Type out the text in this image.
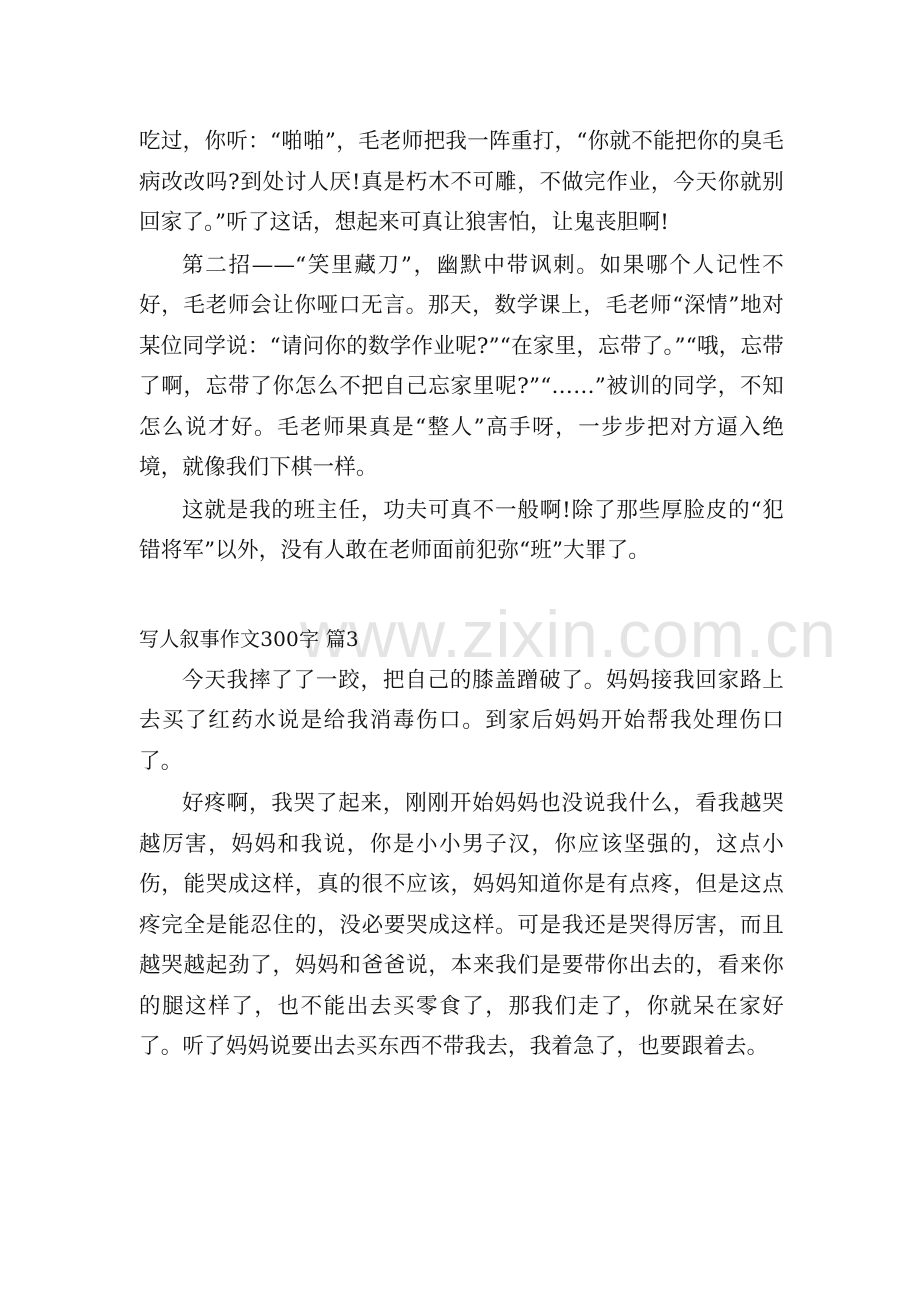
www.zixin.com.cn

吃过，你听：“啪啪”，毛老师把我一阵重打，“你就不能把你的臭毛病改改吗?到处讨人厌!真是朽木不可雕，不做完作业，今天你就别回家了。”听了这话，想起来可真让狼害怕，让鬼丧胆啊!

第二招——“笑里藏刀”，幽默中带讽刺。如果哪个人记性不好，毛老师会让你哑口无言。那天，数学课上，毛老师“深情”地对某位同学说：“请问你的数学作业呢?”“在家里，忘带了。”“哦，忘带了啊，忘带了你怎么不把自己忘家里呢?”“……”被训的同学，不知怎么说才好。毛老师果真是“整人”高手呀，一步步把对方逼入绝境，就像我们下棋一样。

这就是我的班主任，功夫可真不一般啊!除了那些厚脸皮的“犯错将军”以外，没有人敢在老师面前犯弥“班”大罪了。

写人叙事作文300字 篇3

今天我摔了了一跤，把自己的膝盖蹭破了。妈妈接我回家路上去买了红药水说是给我消毒伤口。到家后妈妈开始帮我处理伤口了。

好疼啊，我哭了起来，刚刚开始妈妈也没说我什么，看我越哭越厉害，妈妈和我说，你是小小男子汉，你应该坚强的，这点小伤，能哭成这样，真的很不应该，妈妈知道你是有点疼，但是这点疼完全是能忍住的，没必要哭成这样。可是我还是哭得厉害，而且越哭越起劲了，妈妈和爸爸说，本来我们是要带你出去的，看来你的腿这样了，也不能出去买零食了，那我们走了，你就呆在家好了。听了妈妈说要出去买东西不带我去，我着急了，也要跟着去。
